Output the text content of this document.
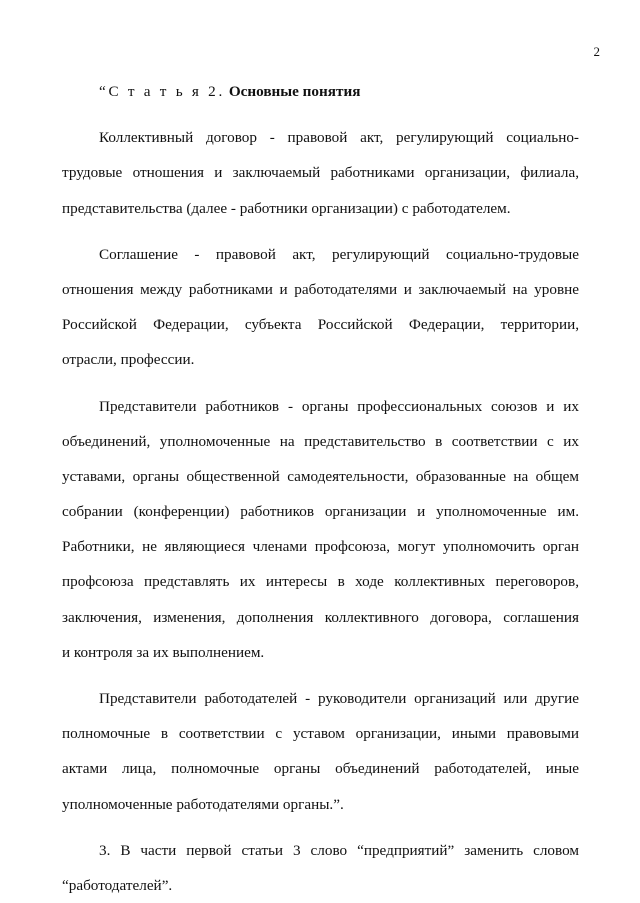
2
“С т а т ь я 2. Основные понятия
Коллективный договор - правовой акт, регулирующий социально-
трудовые отношения и заключаемый работниками организации, филиала,
представительства (далее - работники организации) с работодателем.
Соглашение - правовой акт, регулирующий социально-трудовые
отношения между работниками и работодателями и заключаемый на уровне
Российской Федерации, субъекта Российской Федерации, территории,
отрасли, профессии.
Представители работников - органы профессиональных союзов и их
объединений, уполномоченные на представительство в соответствии с их
уставами, органы общественной самодеятельности, образованные на общем
собрании (конференции) работников организации и уполномоченные им.
Работники, не являющиеся членами профсоюза, могут уполномочить орган
профсоюза представлять их интересы в ходе коллективных переговоров,
заключения, изменения, дополнения коллективного договора, соглашения
и контроля за их выполнением.
Представители работодателей - руководители организаций или другие
полномочные в соответствии с уставом организации, иными правовыми
актами лица, полномочные органы объединений работодателей, иные
уполномоченные работодателями органы.”.
3. В части первой статьи 3 слово “предприятий” заменить словом
“работодателей”.
